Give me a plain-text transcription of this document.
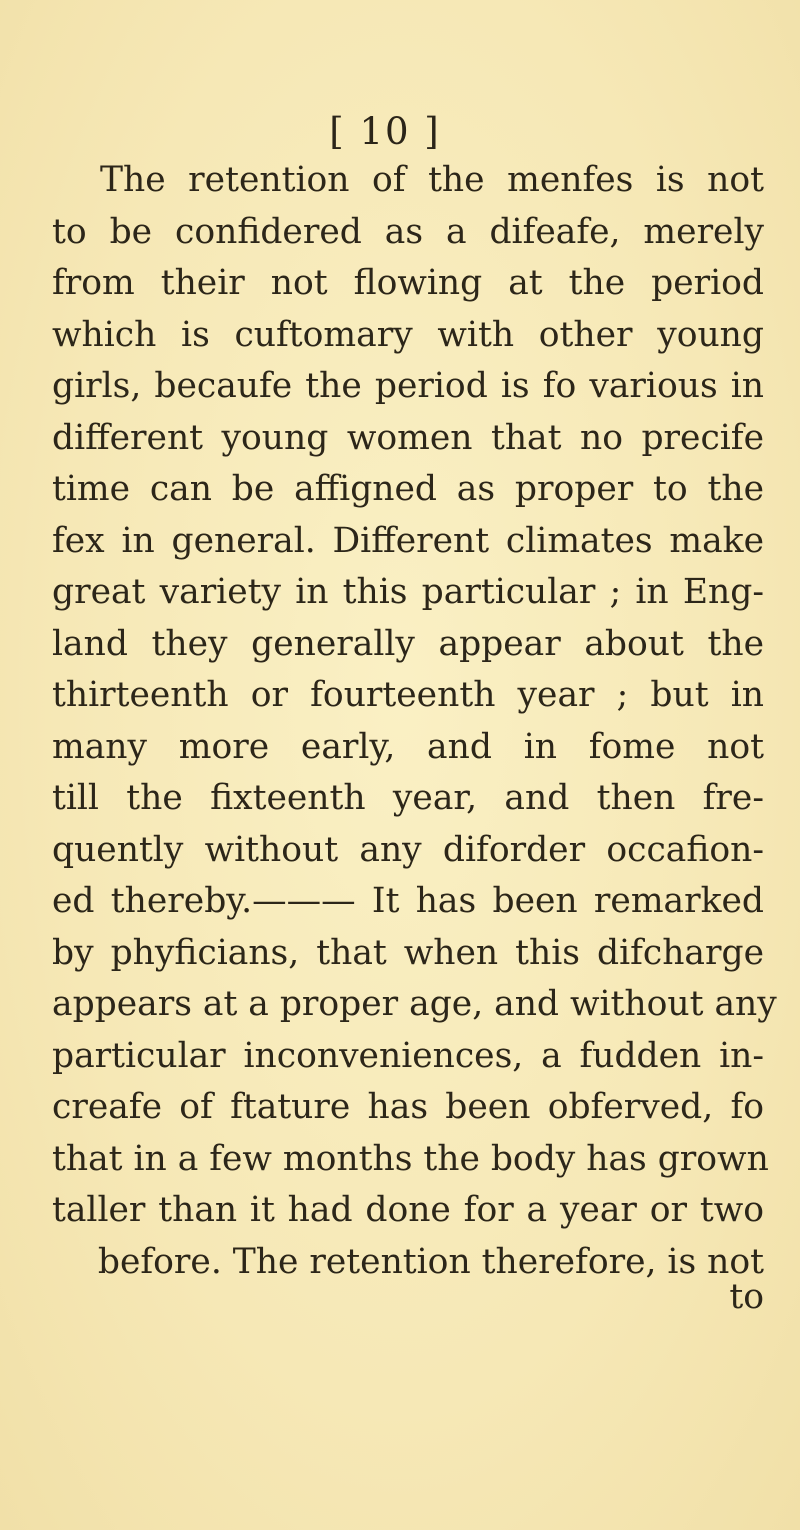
[ 10 ]
The retention of the menfes is not
to be confidered as a difeafe, merely
from their not flowing at the period
which is cuftomary with other young
girls, becaufe the period is fo various in
different young women that no precife
time can be affigned as proper to the
fex in general. Different climates make
great variety in this particular ; in Eng-
land they generally appear about the
thirteenth or fourteenth year ; but in
many more early, and in fome not
till the fixteenth year, and then fre-
quently without any diforder occafion-
ed thereby.——— It has been remarked
by phyficians, that when this difcharge
appears at a proper age, and without any
particular inconveniences, a fudden in-
creafe of ftature has been obferved, fo
that in a few months the body has grown
taller than it had done for a year or two
before. The retention therefore, is not
to
